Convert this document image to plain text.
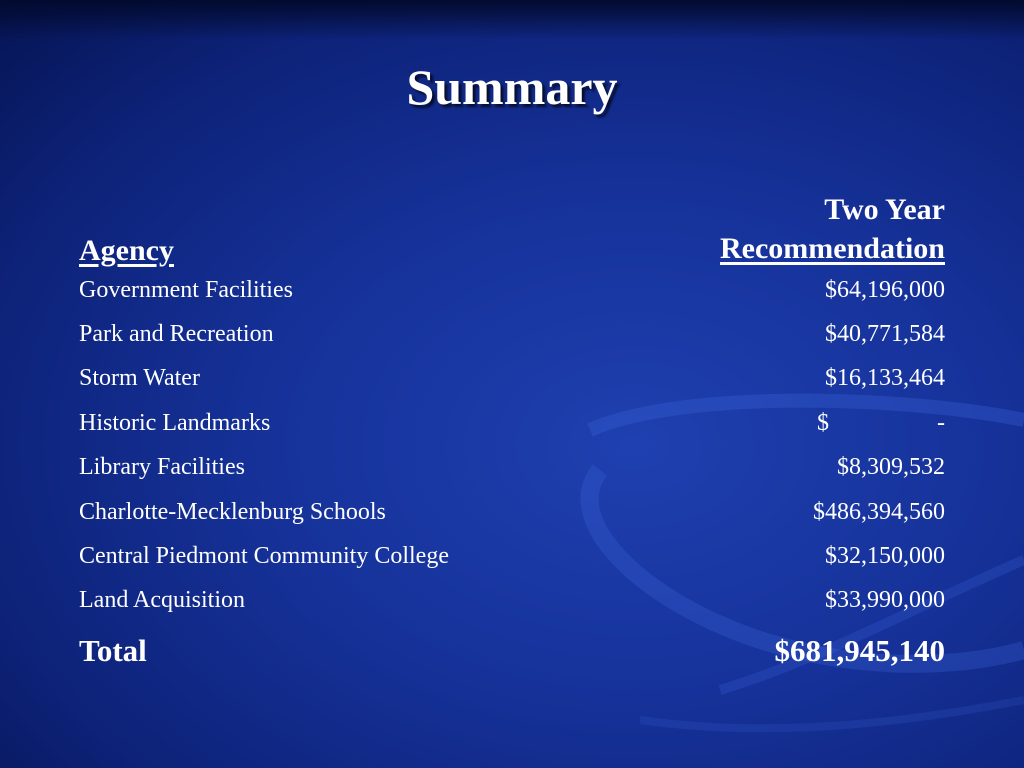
Summary
Agency
Two Year
Recommendation
Government Facilities	$64,196,000
Park and Recreation	$40,771,584
Storm Water	$16,133,464
Historic Landmarks	$	-
Library Facilities	$8,309,532
Charlotte-Mecklenburg Schools	$486,394,560
Central Piedmont Community College	$32,150,000
Land Acquisition	$33,990,000
Total	$681,945,140
